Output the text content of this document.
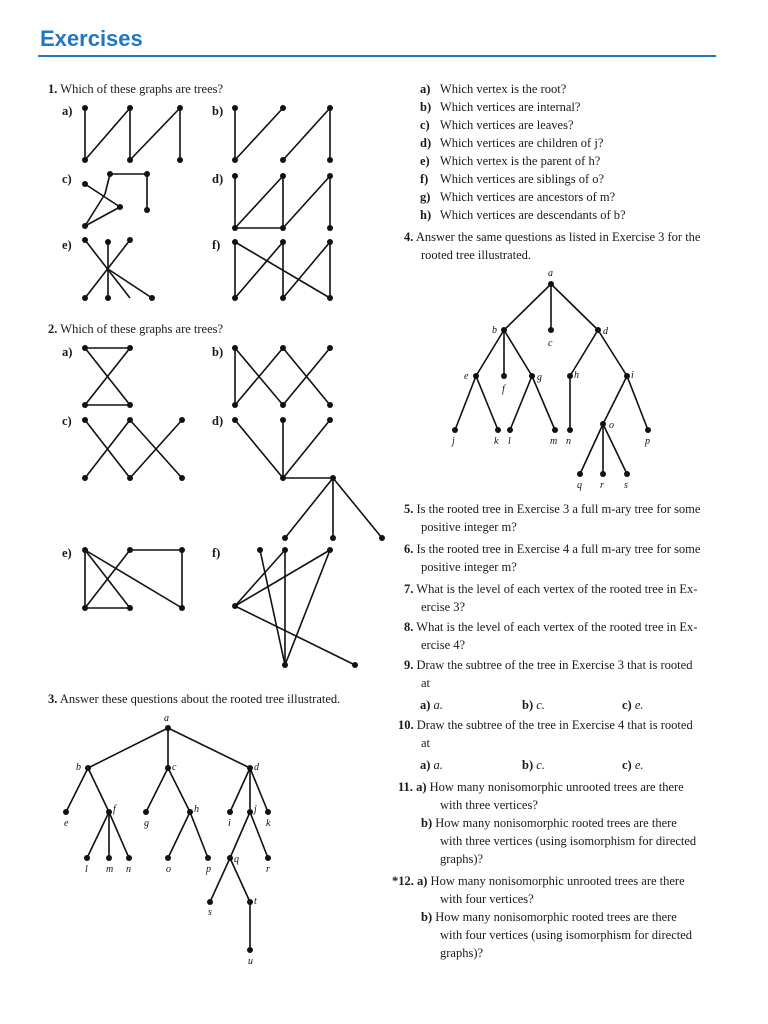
Exercises
1. Which of these graphs are trees?
a)	b)
c)	d)
e)	f)
2. Which of these graphs are trees?
a)	b)
c)	d)
e)	f)
3. Answer these questions about the rooted tree illustrated.
a
b	c	d
e
f
g
h
i
j
k
l m n	o	p
q
r
s
t
u
a) Which vertex is the root?
b) Which vertices are internal?
c) Which vertices are leaves?
d) Which vertices are children of j?
e) Which vertex is the parent of h?
f) Which vertices are siblings of o?
g) Which vertices are ancestors of m?
h) Which vertices are descendants of b?
4. Answer the same questions as listed in Exercise 3 for the
rooted tree illustrated.
a
b
c
d
e
f
g	h	i
j	k l	m n
o
p
q r s
5. Is the rooted tree in Exercise 3 a full m-ary tree for some
positive integer m?
6. Is the rooted tree in Exercise 4 a full m-ary tree for some
positive integer m?
7. What is the level of each vertex of the rooted tree in Ex-
ercise 3?
8. What is the level of each vertex of the rooted tree in Ex-
ercise 4?
9. Draw the subtree of the tree in Exercise 3 that is rooted
at
a) a.	b) c.	c) e.
10. Draw the subtree of the tree in Exercise 4 that is rooted
at
a) a.	b) c.	c) e.
11. a) How many nonisomorphic unrooted trees are there
with three vertices?
b) How many nonisomorphic rooted trees are there
with three vertices (using isomorphism for directed
graphs)?
*12. a) How many nonisomorphic unrooted trees are there
with four vertices?
b) How many nonisomorphic rooted trees are there
with four vertices (using isomorphism for directed
graphs)?
